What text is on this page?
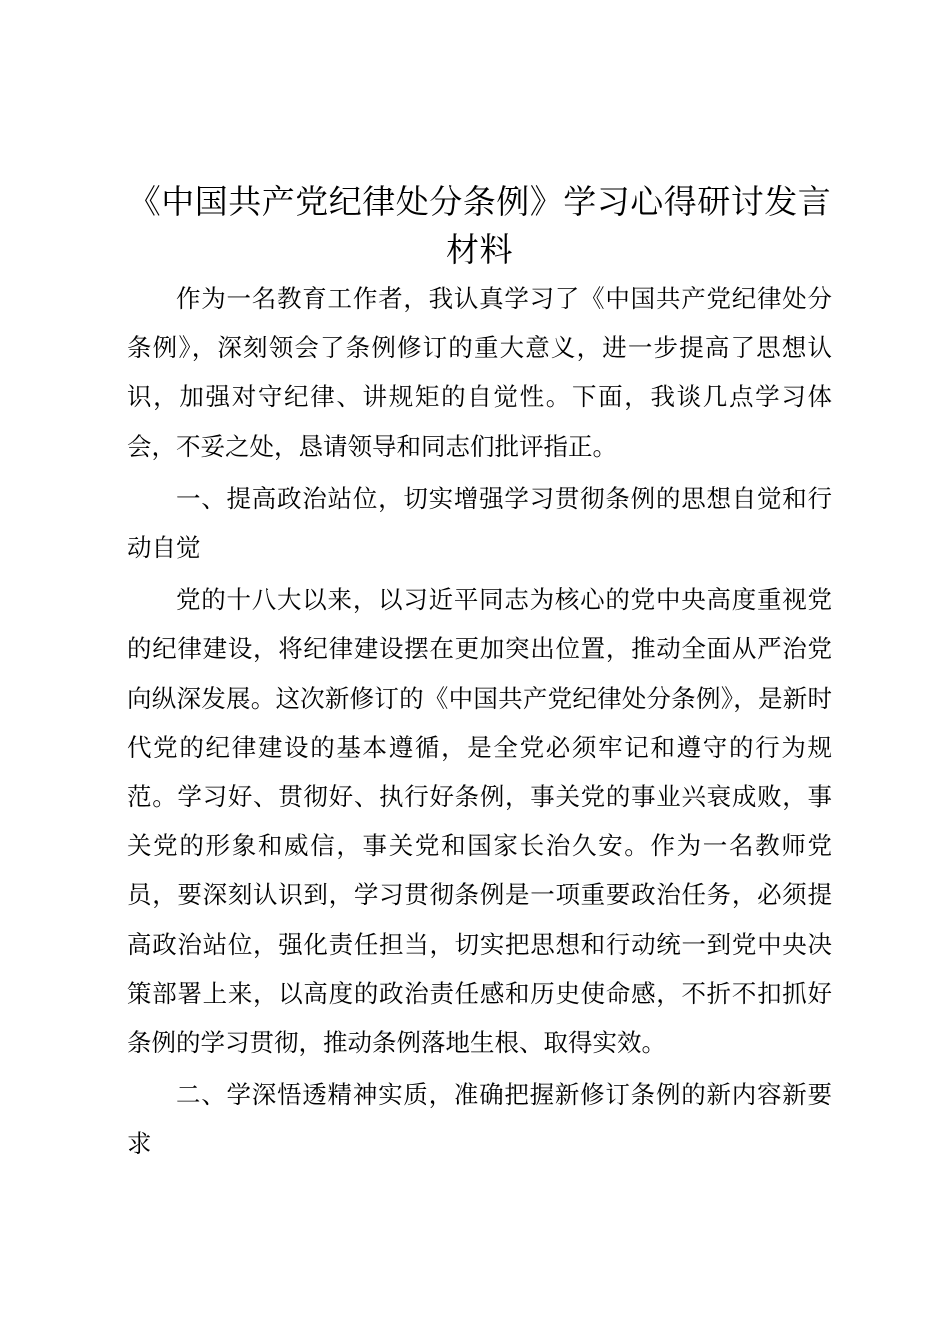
《中国共产党纪律处分条例》学习心得研讨发言材料

作为一名教育工作者，我认真学习了《中国共产党纪律处分条例》，深刻领会了条例修订的重大意义，进一步提高了思想认识，加强对守纪律、讲规矩的自觉性。下面，我谈几点学习体会，不妥之处，恳请领导和同志们批评指正。

一、提高政治站位，切实增强学习贯彻条例的思想自觉和行动自觉

党的十八大以来，以习近平同志为核心的党中央高度重视党的纪律建设，将纪律建设摆在更加突出位置，推动全面从严治党向纵深发展。这次新修订的《中国共产党纪律处分条例》，是新时代党的纪律建设的基本遵循，是全党必须牢记和遵守的行为规范。学习好、贯彻好、执行好条例，事关党的事业兴衰成败，事关党的形象和威信，事关党和国家长治久安。作为一名教师党员，要深刻认识到，学习贯彻条例是一项重要政治任务，必须提高政治站位，强化责任担当，切实把思想和行动统一到党中央决策部署上来，以高度的政治责任感和历史使命感，不折不扣抓好条例的学习贯彻，推动条例落地生根、取得实效。

二、学深悟透精神实质，准确把握新修订条例的新内容新要求
